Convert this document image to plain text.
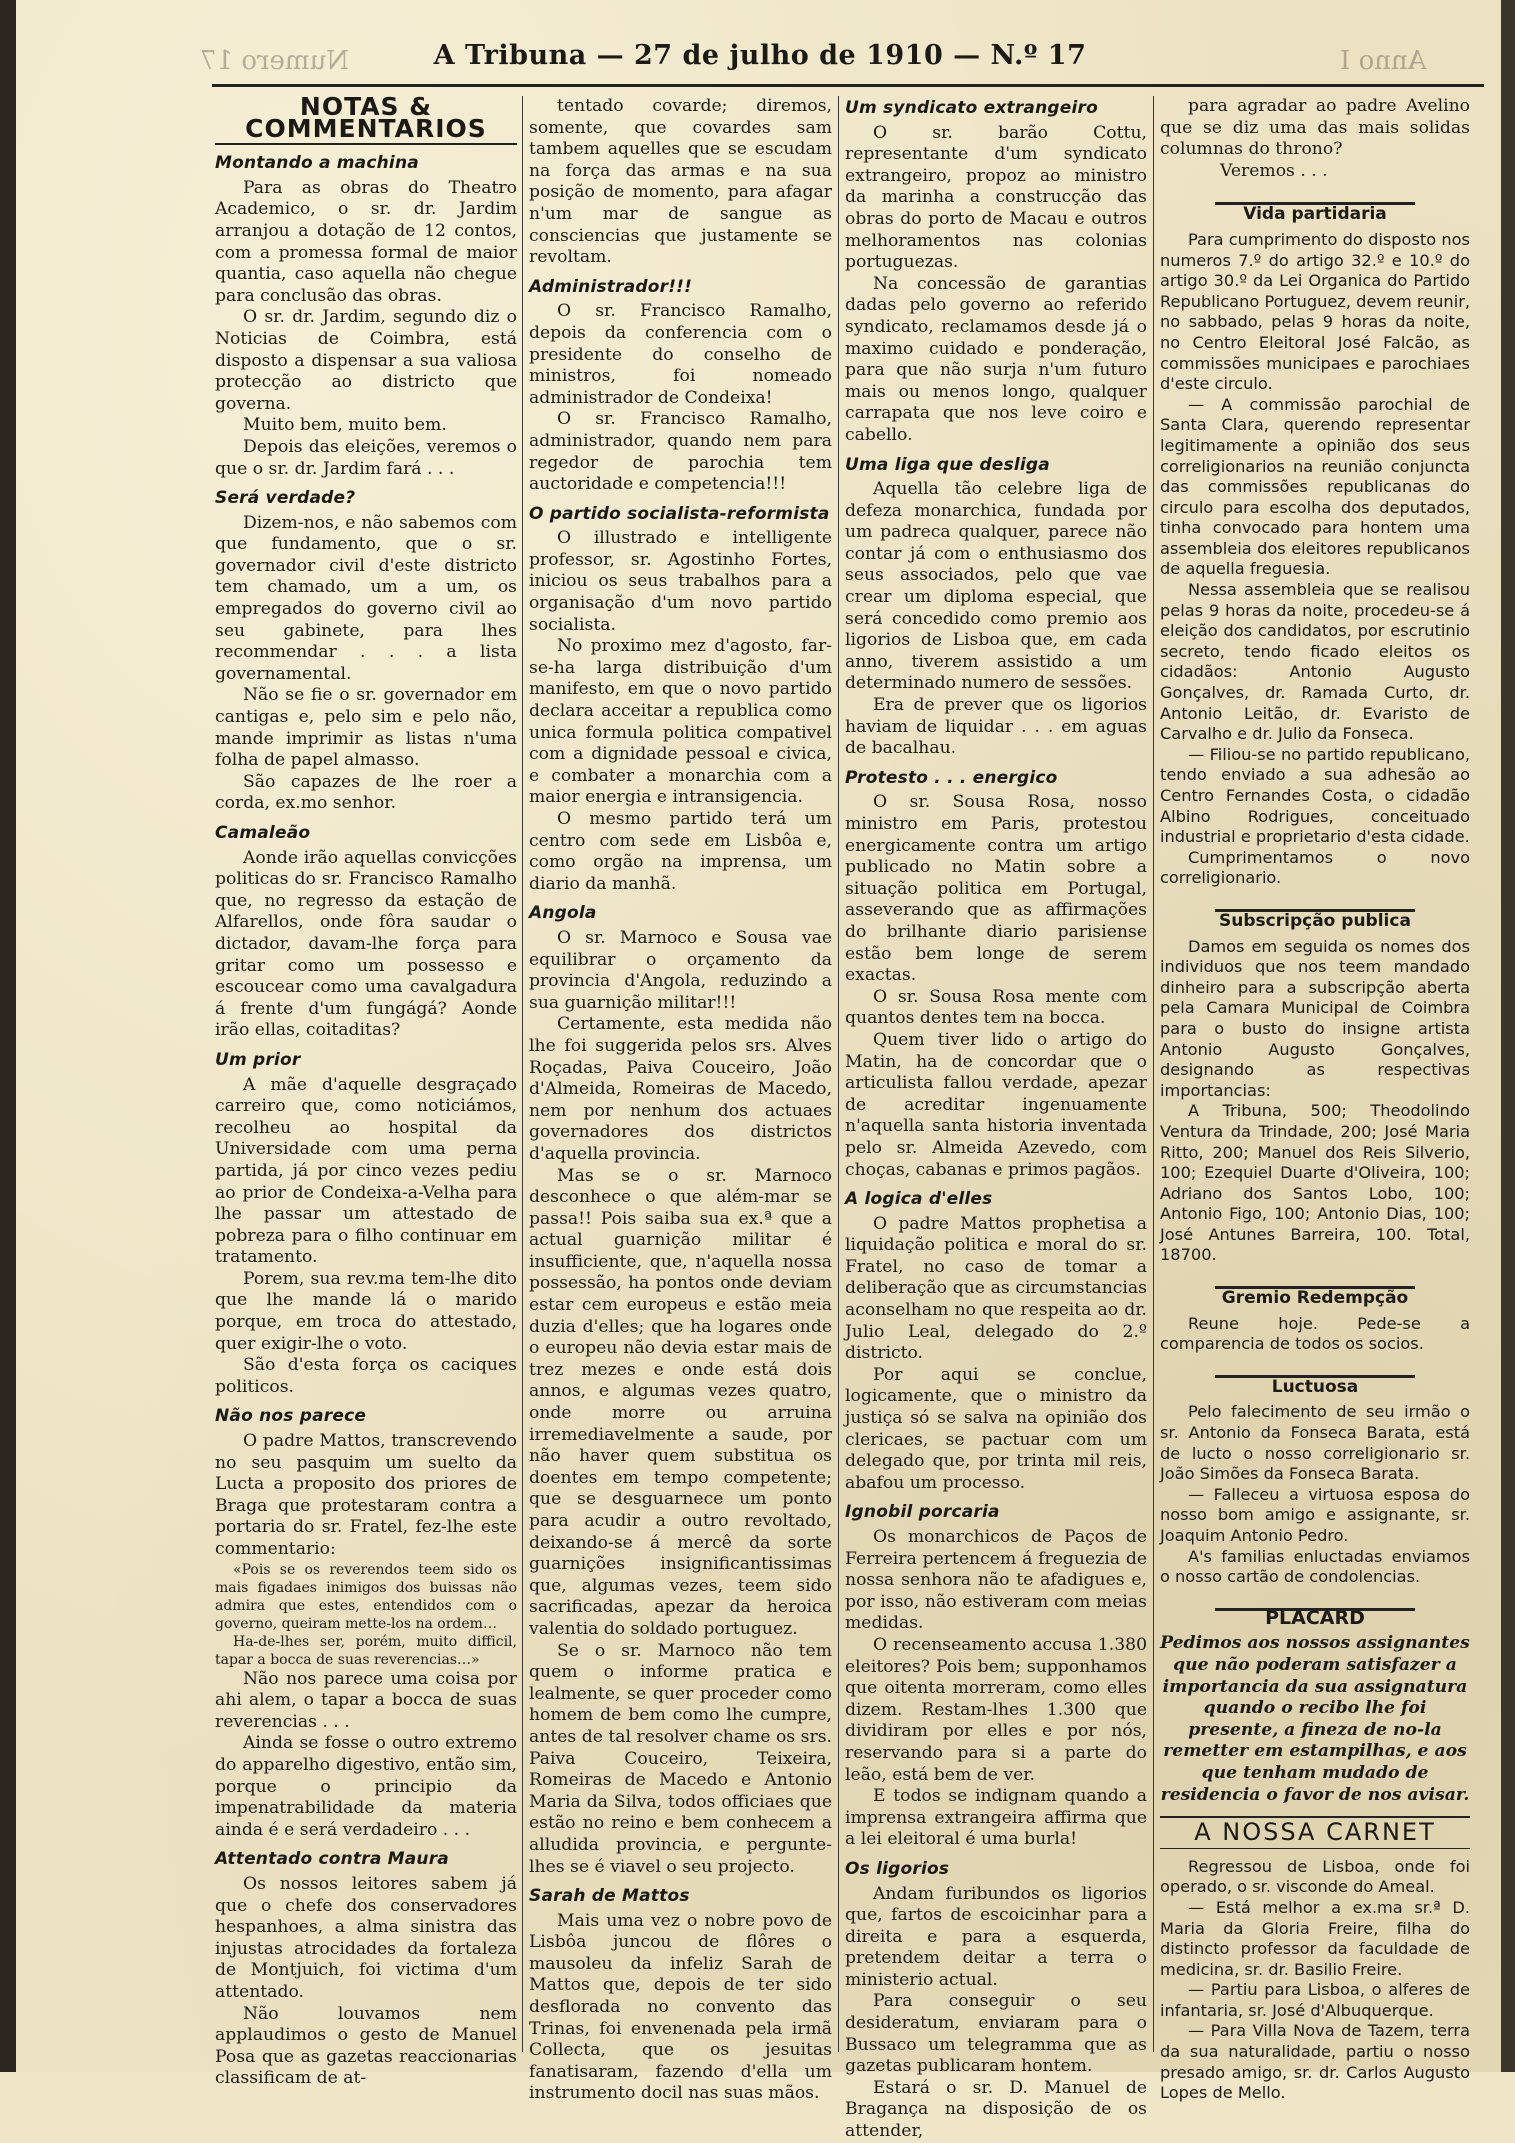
Numero 17	Anno I
A Tribuna — 27 de julho de 1910 — N.º 17
NOTAS & COMMENTARIOS
Montando a machina

Para as obras do Theatro Academico, o sr. dr. Jardim arranjou a dotação de 12 contos, com a promessa formal de maior quantia, caso aquella não chegue para conclusão das obras.

O sr. dr. Jardim, segundo diz o Noticias de Coimbra, está disposto a dispensar a sua valiosa protecção ao districto que governa.

Muito bem, muito bem.

Depois das eleições, veremos o que o sr. dr. Jardim fará . . .

Será verdade?

Dizem-nos, e não sabemos com que fundamento, que o sr. governador civil d'este districto tem chamado, um a um, os empregados do governo civil ao seu gabinete, para lhes recommendar . . . a lista governamental.

Não se fie o sr. governador em cantigas e, pelo sim e pelo não, mande imprimir as listas n'uma folha de papel almasso.

São capazes de lhe roer a corda, ex.mo senhor.

Camaleão

Aonde irão aquellas convicções politicas do sr. Francisco Ramalho que, no regresso da estação de Alfarellos, onde fôra saudar o dictador, davam-lhe força para gritar como um possesso e escoucear como uma cavalgadura á frente d'um fungágá? Aonde irão ellas, coitaditas?

Um prior

A mãe d'aquelle desgraçado carreiro que, como noticiámos, recolheu ao hospital da Universidade com uma perna partida, já por cinco vezes pediu ao prior de Condeixa-a-Velha para lhe passar um attestado de pobreza para o filho continuar em tratamento.

Porem, sua rev.ma tem-lhe dito que lhe mande lá o marido porque, em troca do attestado, quer exigir-lhe o voto.

São d'esta força os caciques politicos.

Não nos parece

O padre Mattos, transcrevendo no seu pasquim um suelto da Lucta a proposito dos priores de Braga que protestaram contra a portaria do sr. Fratel, fez-lhe este commentario:

«Pois se os reverendos teem sido os mais figadaes inimigos dos buissas não admira que estes, entendidos com o governo, queiram mette-los na ordem…

Ha-de-lhes ser, porém, muito difficil, tapar a bocca de suas reverencias…»

Não nos parece uma coisa por ahi alem, o tapar a bocca de suas reverencias . . .

Ainda se fosse o outro extremo do apparelho digestivo, então sim, porque o principio da impenatrabilidade da materia ainda é e será verdadeiro . . .

Attentado contra Maura

Os nossos leitores sabem já que o chefe dos conservadores hespanhoes, a alma sinistra das injustas atrocidades da fortaleza de Montjuich, foi victima d'um attentado.

Não louvamos nem applaudimos o gesto de Manuel Posa que as gazetas reaccionarias classificam de at-

tentado covarde; diremos, somente, que covardes sam tambem aquelles que se escudam na força das armas e na sua posição de momento, para afagar n'um mar de sangue as consciencias que justamente se revoltam.

Administrador!!!

O sr. Francisco Ramalho, depois da conferencia com o presidente do conselho de ministros, foi nomeado administrador de Condeixa!

O sr. Francisco Ramalho, administrador, quando nem para regedor de parochia tem auctoridade e competencia!!!

O partido socialista-reformista

O illustrado e intelligente professor, sr. Agostinho Fortes, iniciou os seus trabalhos para a organisação d'um novo partido socialista.

No proximo mez d'agosto, far-se-ha larga distribuição d'um manifesto, em que o novo partido declara acceitar a republica como unica formula politica compativel com a dignidade pessoal e civica, e combater a monarchia com a maior energia e intransigencia.

O mesmo partido terá um centro com sede em Lisbôa e, como orgão na imprensa, um diario da manhã.

Angola

O sr. Marnoco e Sousa vae equilibrar o orçamento da provincia d'Angola, reduzindo a sua guarnição militar!!!

Certamente, esta medida não lhe foi suggerida pelos srs. Alves Roçadas, Paiva Couceiro, João d'Almeida, Romeiras de Macedo, nem por nenhum dos actuaes governadores dos districtos d'aquella provincia.

Mas se o sr. Marnoco desconhece o que além-mar se passa!! Pois saiba sua ex.ª que a actual guarnição militar é insufficiente, que, n'aquella nossa possessão, ha pontos onde deviam estar cem europeus e estão meia duzia d'elles; que ha logares onde o europeu não devia estar mais de trez mezes e onde está dois annos, e algumas vezes quatro, onde morre ou arruina irremediavelmente a saude, por não haver quem substitua os doentes em tempo competente; que se desguarnece um ponto para acudir a outro revoltado, deixando-se á mercê da sorte guarnições insignificantissimas que, algumas vezes, teem sido sacrificadas, apezar da heroica valentia do soldado portuguez.

Se o sr. Marnoco não tem quem o informe pratica e lealmente, se quer proceder como homem de bem como lhe cumpre, antes de tal resolver chame os srs. Paiva Couceiro, Teixeira, Romeiras de Macedo e Antonio Maria da Silva, todos officiaes que estão no reino e bem conhecem a alludida provincia, e pergunte-lhes se é viavel o seu projecto.

Sarah de Mattos

Mais uma vez o nobre povo de Lisbôa juncou de flôres o mausoleu da infeliz Sarah de Mattos que, depois de ter sido desflorada no convento das Trinas, foi envenenada pela irmã Collecta, que os jesuitas fanatisaram, fazendo d'ella um instrumento docil nas suas mãos.

Um syndicato extrangeiro

O sr. barão Cottu, representante d'um syndicato extrangeiro, propoz ao ministro da marinha a construcção das obras do porto de Macau e outros melhoramentos nas colonias portuguezas.

Na concessão de garantias dadas pelo governo ao referido syndicato, reclamamos desde já o maximo cuidado e ponderação, para que não surja n'um futuro mais ou menos longo, qualquer carrapata que nos leve coiro e cabello.

Uma liga que desliga

Aquella tão celebre liga de defeza monarchica, fundada por um padreca qualquer, parece não contar já com o enthusiasmo dos seus associados, pelo que vae crear um diploma especial, que será concedido como premio aos ligorios de Lisboa que, em cada anno, tiverem assistido a um determinado numero de sessões.

Era de prever que os ligorios haviam de liquidar . . . em aguas de bacalhau.

Protesto . . . energico

O sr. Sousa Rosa, nosso ministro em Paris, protestou energicamente contra um artigo publicado no Matin sobre a situação politica em Portugal, asseverando que as affirmações do brilhante diario parisiense estão bem longe de serem exactas.

O sr. Sousa Rosa mente com quantos dentes tem na bocca.

Quem tiver lido o artigo do Matin, ha de concordar que o articulista fallou verdade, apezar de acreditar ingenuamente n'aquella santa historia inventada pelo sr. Almeida Azevedo, com choças, cabanas e primos pagãos.

A logica d'elles

O padre Mattos prophetisa a liquidação politica e moral do sr. Fratel, no caso de tomar a deliberação que as circumstancias aconselham no que respeita ao dr. Julio Leal, delegado do 2.º districto.

Por aqui se conclue, logicamente, que o ministro da justiça só se salva na opinião dos clericaes, se pactuar com um delegado que, por trinta mil reis, abafou um processo.

Ignobil porcaria

Os monarchicos de Paços de Ferreira pertencem á freguezia de nossa senhora não te afadigues e, por isso, não estiveram com meias medidas.

O recenseamento accusa 1.380 eleitores? Pois bem; supponhamos que oitenta morreram, como elles dizem. Restam-lhes 1.300 que dividiram por elles e por nós, reservando para si a parte do leão, está bem de ver.

E todos se indignam quando a imprensa extrangeira affirma que a lei eleitoral é uma burla!

Os ligorios

Andam furibundos os ligorios que, fartos de escoicinhar para a direita e para a esquerda, pretendem deitar a terra o ministerio actual.

Para conseguir o seu desideratum, enviaram para o Bussaco um telegramma que as gazetas publicaram hontem.

Estará o sr. D. Manuel de Bragança na disposição de os attender,

para agradar ao padre Avelino que se diz uma das mais solidas columnas do throno?

Veremos . . .

Vida partidaria

Para cumprimento do disposto nos numeros 7.º do artigo 32.º e 10.º do artigo 30.º da Lei Organica do Partido Republicano Portuguez, devem reunir, no sabbado, pelas 9 horas da noite, no Centro Eleitoral José Falcão, as commissões municipaes e parochiaes d'este circulo.

— A commissão parochial de Santa Clara, querendo representar legitimamente a opinião dos seus correligionarios na reunião conjuncta das commissões republicanas do circulo para escolha dos deputados, tinha convocado para hontem uma assembleia dos eleitores republicanos de aquella freguesia.

Nessa assembleia que se realisou pelas 9 horas da noite, procedeu-se á eleição dos candidatos, por escrutinio secreto, tendo ficado eleitos os cidadãos: Antonio Augusto Gonçalves, dr. Ramada Curto, dr. Antonio Leitão, dr. Evaristo de Carvalho e dr. Julio da Fonseca.

— Filiou-se no partido republicano, tendo enviado a sua adhesão ao Centro Fernandes Costa, o cidadão Albino Rodrigues, conceituado industrial e proprietario d'esta cidade.

Cumprimentamos o novo correligionario.

Subscripção publica

Damos em seguida os nomes dos individuos que nos teem mandado dinheiro para a subscripção aberta pela Camara Municipal de Coimbra para o busto do insigne artista Antonio Augusto Gonçalves, designando as respectivas importancias:

A Tribuna, 500; Theodolindo Ventura da Trindade, 200; José Maria Ritto, 200; Manuel dos Reis Silverio, 100; Ezequiel Duarte d'Oliveira, 100; Adriano dos Santos Lobo, 100; Antonio Figo, 100; Antonio Dias, 100; José Antunes Barreira, 100. Total, 18700.

Gremio Redempção

Reune hoje. Pede-se a comparencia de todos os socios.

Luctuosa

Pelo falecimento de seu irmão o sr. Antonio da Fonseca Barata, está de lucto o nosso correligionario sr. João Simões da Fonseca Barata.

— Falleceu a virtuosa esposa do nosso bom amigo e assignante, sr. Joaquim Antonio Pedro.

A's familias enluctadas enviamos o nosso cartão de condolencias.

PLACARD

Pedimos aos nossos assignantes que não poderam satisfazer a importancia da sua assignatura quando o recibo lhe foi presente, a fineza de no-la remetter em estampilhas, e aos que tenham mudado de residencia o favor de nos avisar.

A NOSSA CARNET

Regressou de Lisboa, onde foi operado, o sr. visconde do Ameal.

— Está melhor a ex.ma sr.ª D. Maria da Gloria Freire, filha do distincto professor da faculdade de medicina, sr. dr. Basilio Freire.

— Partiu para Lisboa, o alferes de infantaria, sr. José d'Albuquerque.

— Para Villa Nova de Tazem, terra da sua naturalidade, partiu o nosso presado amigo, sr. dr. Carlos Augusto Lopes de Mello.
